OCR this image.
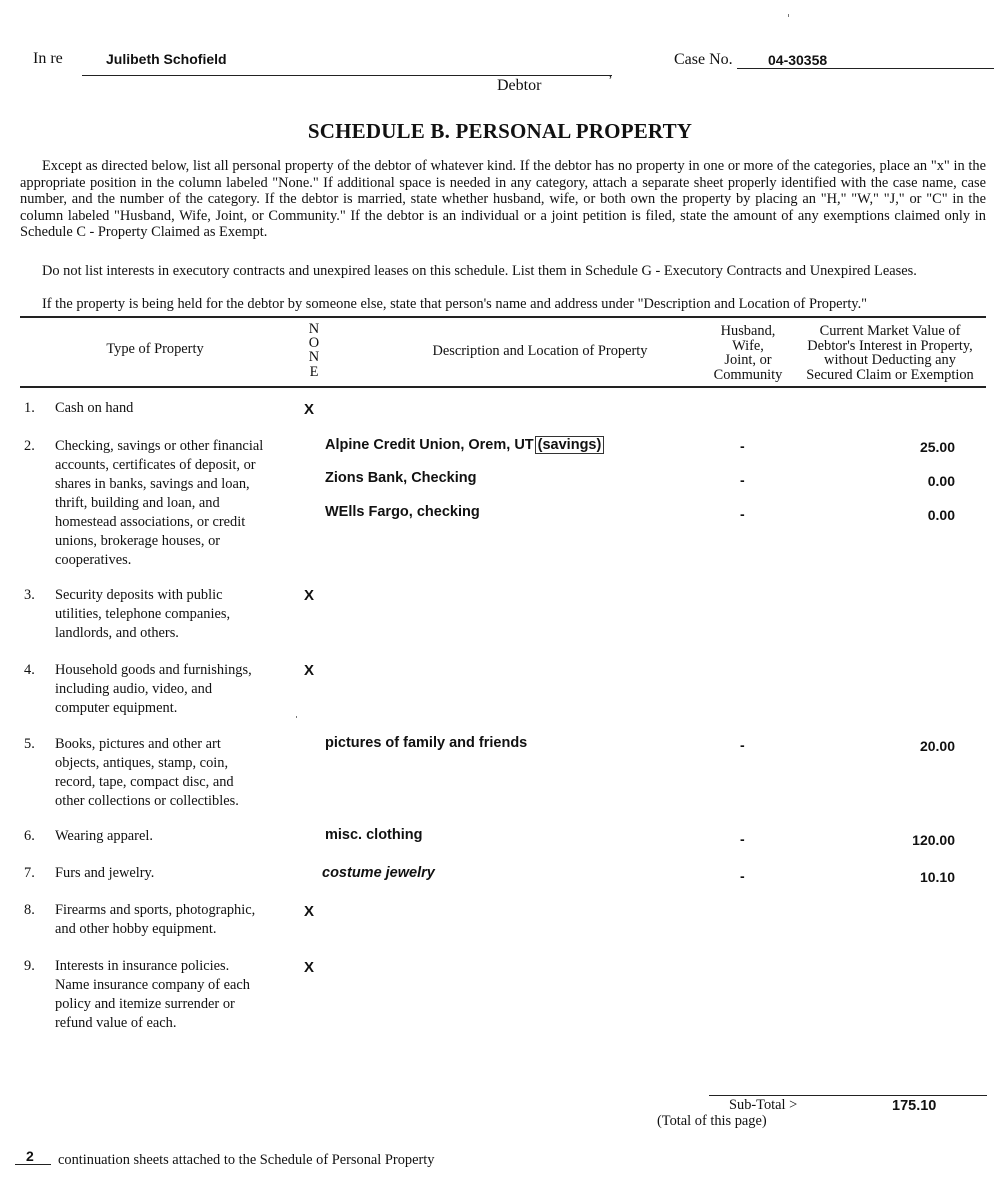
In re	Julibeth Schofield
,
Debtor
Case No.	04-30358
SCHEDULE B. PERSONAL PROPERTY
Except as directed below, list all personal property of the debtor of whatever kind. If the debtor has no property in one or more of the categories, place an "x" in the appropriate position in the column labeled "None." If additional space is needed in any category, attach a separate sheet properly identified with the case name, case number, and the number of the category. If the debtor is married, state whether husband, wife, or both own the property by placing an "H," "W," "J," or "C" in the column labeled "Husband, Wife, Joint, or Community." If the debtor is an individual or a joint petition is filed, state the amount of any exemptions claimed only in Schedule C - Property Claimed as Exempt.
Do not list interests in executory contracts and unexpired leases on this schedule. List them in Schedule G - Executory Contracts and Unexpired Leases.
If the property is being held for the debtor by someone else, state that person's name and address under "Description and Location of Property."
Type of Property
N
O
N
E
Description and Location of Property
Husband,
Wife,
Joint, or
Community
Current Market Value of
Debtor's Interest in Property,
without Deducting any
Secured Claim or Exemption
1. Cash on hand	X
2. Checking, savings or other financial
accounts, certificates of deposit, or
shares in banks, savings and loan,
thrift, building and loan, and
homestead associations, or credit
unions, brokerage houses, or
cooperatives.
Alpine Credit Union, Orem, UT (savings)	-	25.00
Zions Bank, Checking	-	0.00
WElls Fargo, checking	-	0.00
3. Security deposits with public
utilities, telephone companies,
landlords, and others.
X
4. Household goods and furnishings,
including audio, video, and
computer equipment.
X
5. Books, pictures and other art
objects, antiques, stamp, coin,
record, tape, compact disc, and
other collections or collectibles.
pictures of family and friends	-	20.00
6. Wearing apparel.	misc. clothing	-	120.00
7. Furs and jewelry.	costume jewelry	-	10.10
8. Firearms and sports, photographic,
and other hobby equipment.
X
9. Interests in insurance policies.
Name insurance company of each
policy and itemize surrender or
refund value of each.
X
Sub-Total >	175.10
(Total of this page)
2 continuation sheets attached to the Schedule of Personal Property
